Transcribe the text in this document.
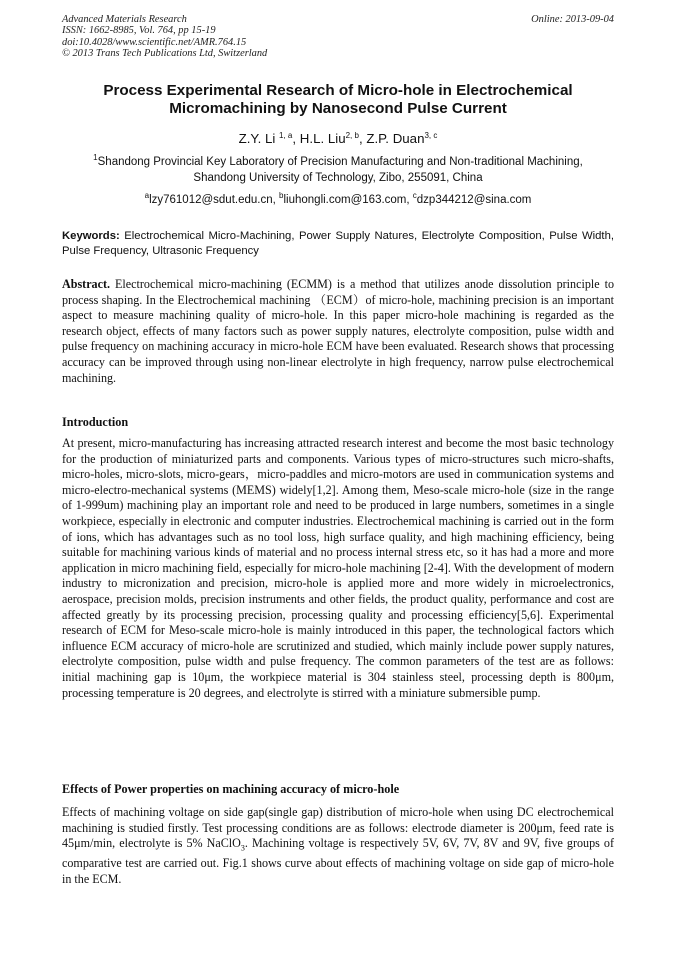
Advanced Materials Research
ISSN: 1662-8985, Vol. 764, pp 15-19
doi:10.4028/www.scientific.net/AMR.764.15
© 2013 Trans Tech Publications Ltd, Switzerland
Online: 2013-09-04
Process Experimental Research of Micro-hole in Electrochemical
Micromachining by Nanosecond Pulse Current
Z.Y. Li $^{1, a}$, H.L. Liu$^{2, b}$, Z.P. Duan$^{3, c}$
$^1$Shandong Provincial Key Laboratory of Precision Manufacturing and Non-traditional Machining,
Shandong University of Technology, Zibo, 255091, China
$^a$lzy761012@sdut.edu.cn, $^b$liuhongli.com@163.com, $^c$dzp344212@sina.com
Keywords: Electrochemical Micro-Machining, Power Supply Natures, Electrolyte Composition, Pulse Width, Pulse Frequency, Ultrasonic Frequency
Abstract. Electrochemical micro-machining (ECMM) is a method that utilizes anode dissolution principle to process shaping. In the Electrochemical machining （ECM）of micro-hole, machining precision is an important aspect to measure machining quality of micro-hole. In this paper micro-hole machining is regarded as the research object, effects of many factors such as power supply natures, electrolyte composition, pulse width and pulse frequency on machining accuracy in micro-hole ECM have been evaluated. Research shows that processing accuracy can be improved through using non-linear electrolyte in high frequency, narrow pulse electrochemical machining.
Introduction
At present, micro-manufacturing has increasing attracted research interest and become the most basic technology for the production of miniaturized parts and components. Various types of micro-structures such micro-shafts, micro-holes, micro-slots, micro-gears，micro-paddles and micro-motors are used in communication systems and micro-electro-mechanical systems (MEMS) widely[1,2]. Among them, Meso-scale micro-hole (size in the range of 1-999um) machining play an important role and need to be produced in large numbers, sometimes in a single workpiece, especially in electronic and computer industries. Electrochemical machining is carried out in the form of ions, which has advantages such as no tool loss, high surface quality, and high machining efficiency, being suitable for machining various kinds of material and no process internal stress etc, so it has had a more and more application in micro machining field, especially for micro-hole machining [2-4]. With the development of modern industry to micronization and precision, micro-hole is applied more and more widely in microelectronics, aerospace, precision molds, precision instruments and other fields, the product quality, performance and cost are affected greatly by its processing precision, processing quality and processing efficiency[5,6]. Experimental research of ECM for Meso-scale micro-hole is mainly introduced in this paper, the technological factors which influence ECM accuracy of micro-hole are scrutinized and studied, which mainly include power supply natures, electrolyte composition, pulse width and pulse frequency. The common parameters of the test are as follows: initial machining gap is 10μm, the workpiece material is 304 stainless steel, processing depth is 800μm, processing temperature is 20 degrees, and electrolyte is stirred with a miniature submersible pump.
Effects of Power properties on machining accuracy of micro-hole
Effects of machining voltage on side gap(single gap) distribution of micro-hole when using DC electrochemical machining is studied firstly. Test processing conditions are as follows: electrode diameter is 200μm, feed rate is 45μm/min, electrolyte is 5% NaClO$_3$. Machining voltage is respectively 5V, 6V, 7V, 8V and 9V, five groups of comparative test are carried out. Fig.1 shows curve about effects of machining voltage on side gap of micro-hole in the ECM.
